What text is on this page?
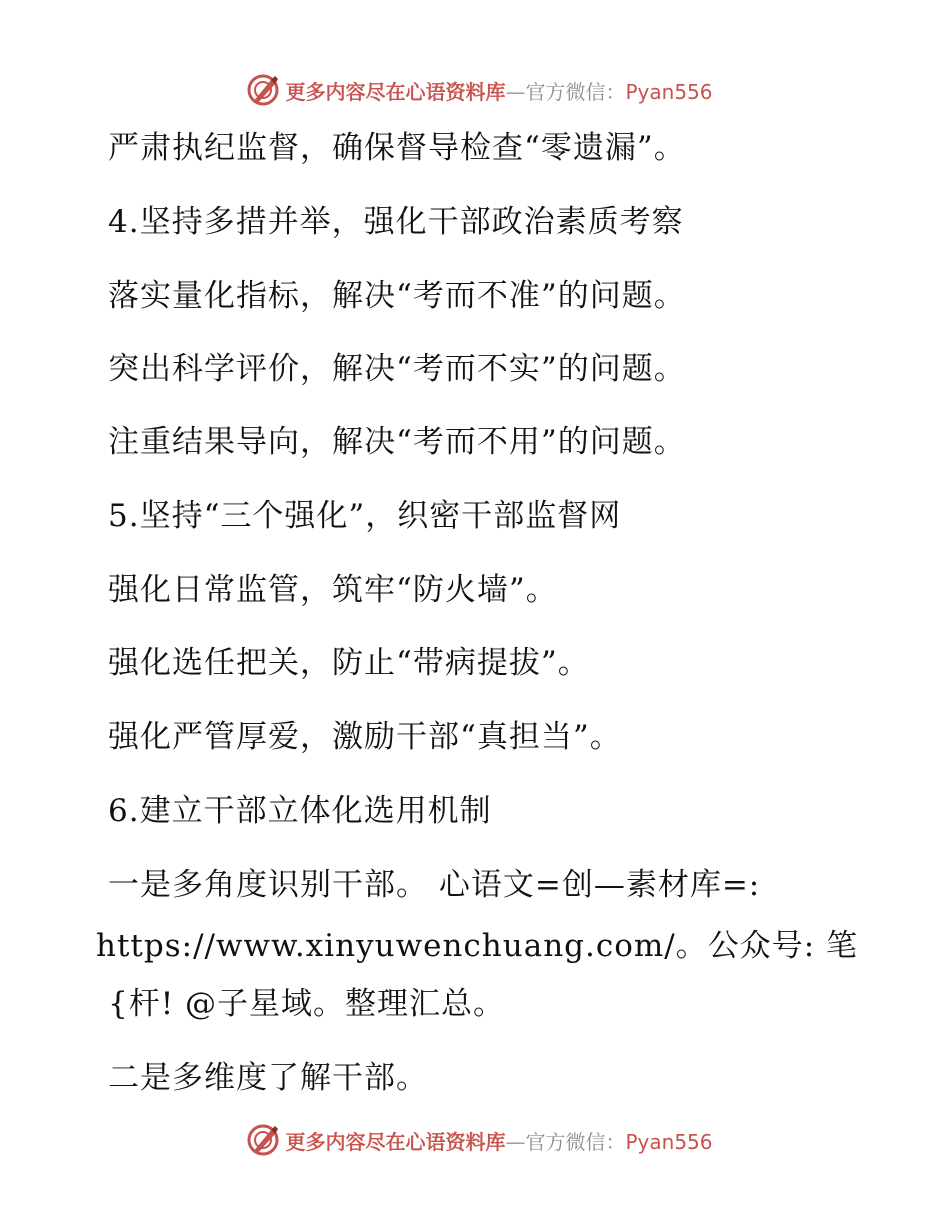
更多内容尽在心语资料库—官方微信：Pyan556
严肃执纪监督，确保督导检查“零遗漏”。
4.坚持多措并举，强化干部政治素质考察
落实量化指标，解决“考而不准”的问题。
突出科学评价，解决“考而不实”的问题。
注重结果导向，解决“考而不用”的问题。
5.坚持“三个强化”，织密干部监督网
强化日常监管，筑牢“防火墙”。
强化选任把关，防止“带病提拔”。
强化严管厚爱，激励干部“真担当”。
6.建立干部立体化选用机制
一是多角度识别干部。 心语文=创—素材库=:
https://www.xinyuwenchuang.com/。公众号: 笔
{杆! @子星域。整理汇总。
二是多维度了解干部。
更多内容尽在心语资料库—官方微信：Pyan556
